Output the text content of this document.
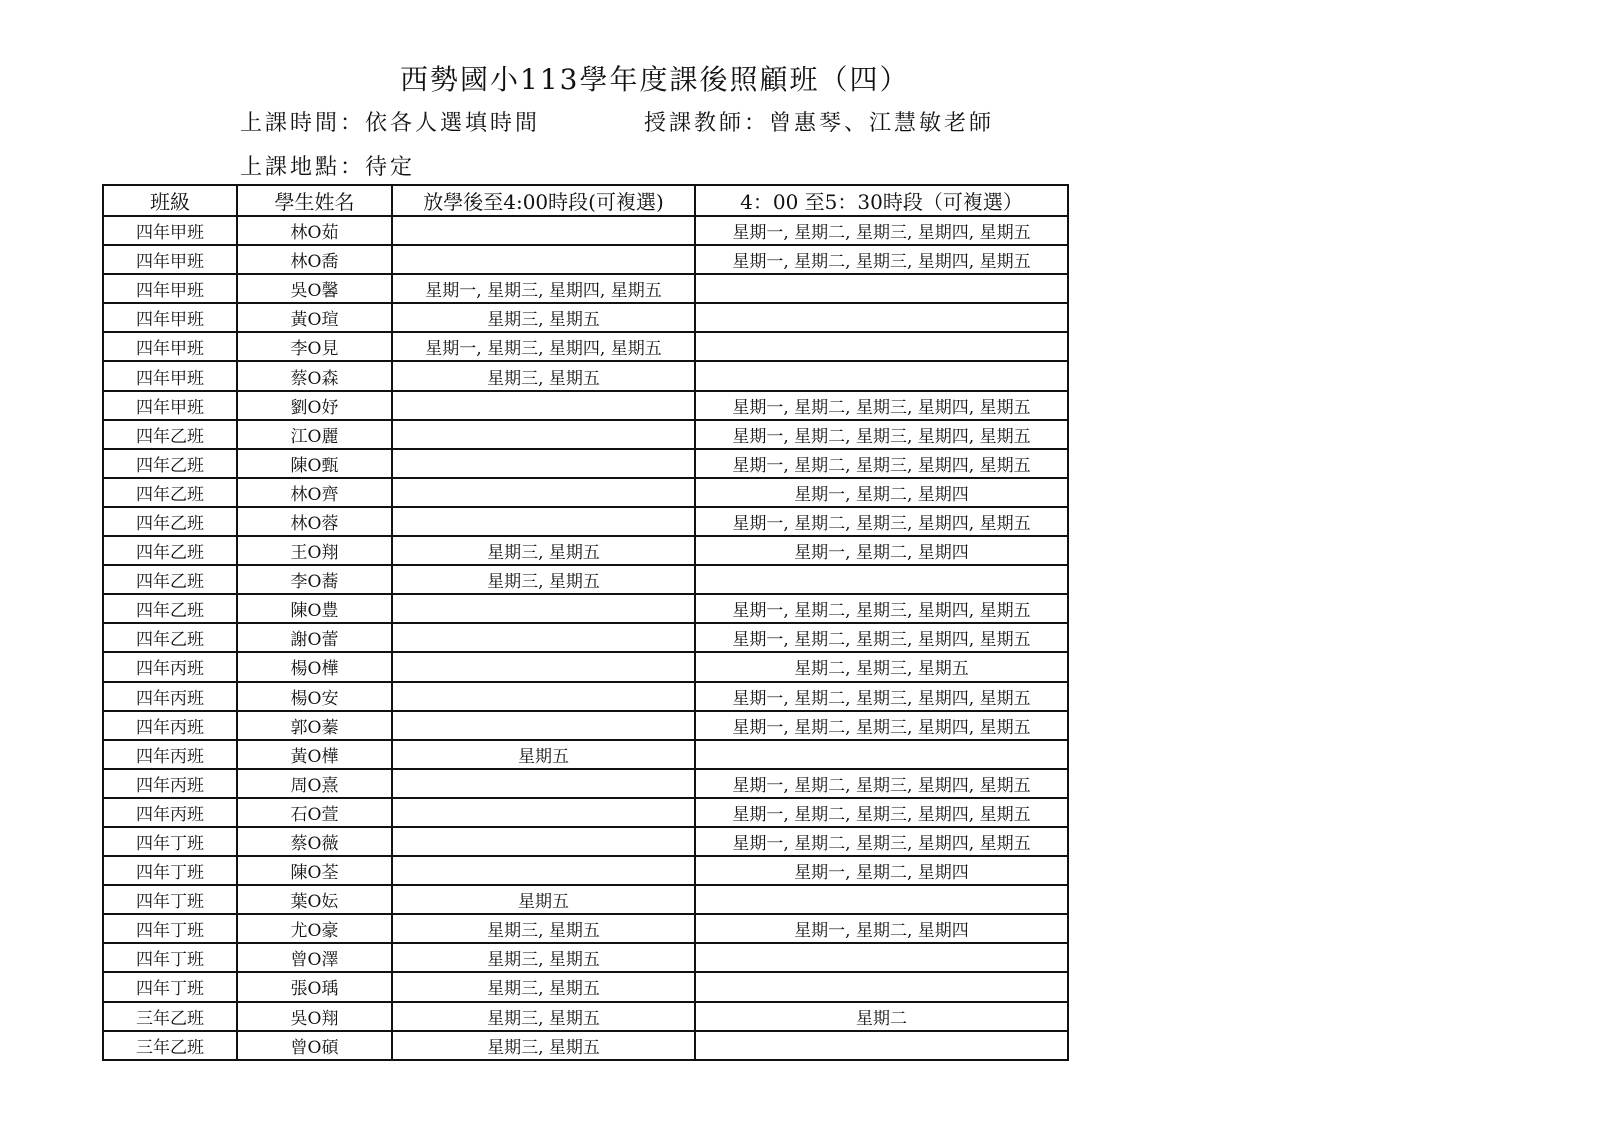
西勢國小113學年度課後照顧班（四）
上課時間：依各人選填時間	授課教師：曾惠琴、江慧敏老師
上課地點：待定
班級	學生姓名	放學後至4:00時段(可複選)	4：00 至5：30時段（可複選）
四年甲班	林O茹		星期一, 星期二, 星期三, 星期四, 星期五
四年甲班	林O喬		星期一, 星期二, 星期三, 星期四, 星期五
四年甲班	吳O馨	星期一, 星期三, 星期四, 星期五	
四年甲班	黃O瑄	星期三, 星期五	
四年甲班	李O見	星期一, 星期三, 星期四, 星期五	
四年甲班	蔡O森	星期三, 星期五	
四年甲班	劉O妤		星期一, 星期二, 星期三, 星期四, 星期五
四年乙班	江O麗		星期一, 星期二, 星期三, 星期四, 星期五
四年乙班	陳O甄		星期一, 星期二, 星期三, 星期四, 星期五
四年乙班	林O齊		星期一, 星期二, 星期四
四年乙班	林O蓉		星期一, 星期二, 星期三, 星期四, 星期五
四年乙班	王O翔	星期三, 星期五	星期一, 星期二, 星期四
四年乙班	李O蕎	星期三, 星期五	
四年乙班	陳O豊		星期一, 星期二, 星期三, 星期四, 星期五
四年乙班	謝O蕾		星期一, 星期二, 星期三, 星期四, 星期五
四年丙班	楊O樺		星期二, 星期三, 星期五
四年丙班	楊O安		星期一, 星期二, 星期三, 星期四, 星期五
四年丙班	郭O蓁		星期一, 星期二, 星期三, 星期四, 星期五
四年丙班	黃O樺	星期五	
四年丙班	周O熹		星期一, 星期二, 星期三, 星期四, 星期五
四年丙班	石O萱		星期一, 星期二, 星期三, 星期四, 星期五
四年丁班	蔡O薇		星期一, 星期二, 星期三, 星期四, 星期五
四年丁班	陳O荃		星期一, 星期二, 星期四
四年丁班	葉O妘	星期五	
四年丁班	尤O豪	星期三, 星期五	星期一, 星期二, 星期四
四年丁班	曾O澤	星期三, 星期五	
四年丁班	張O瑀	星期三, 星期五	
三年乙班	吳O翔	星期三, 星期五	星期二
三年乙班	曾O碩	星期三, 星期五	
